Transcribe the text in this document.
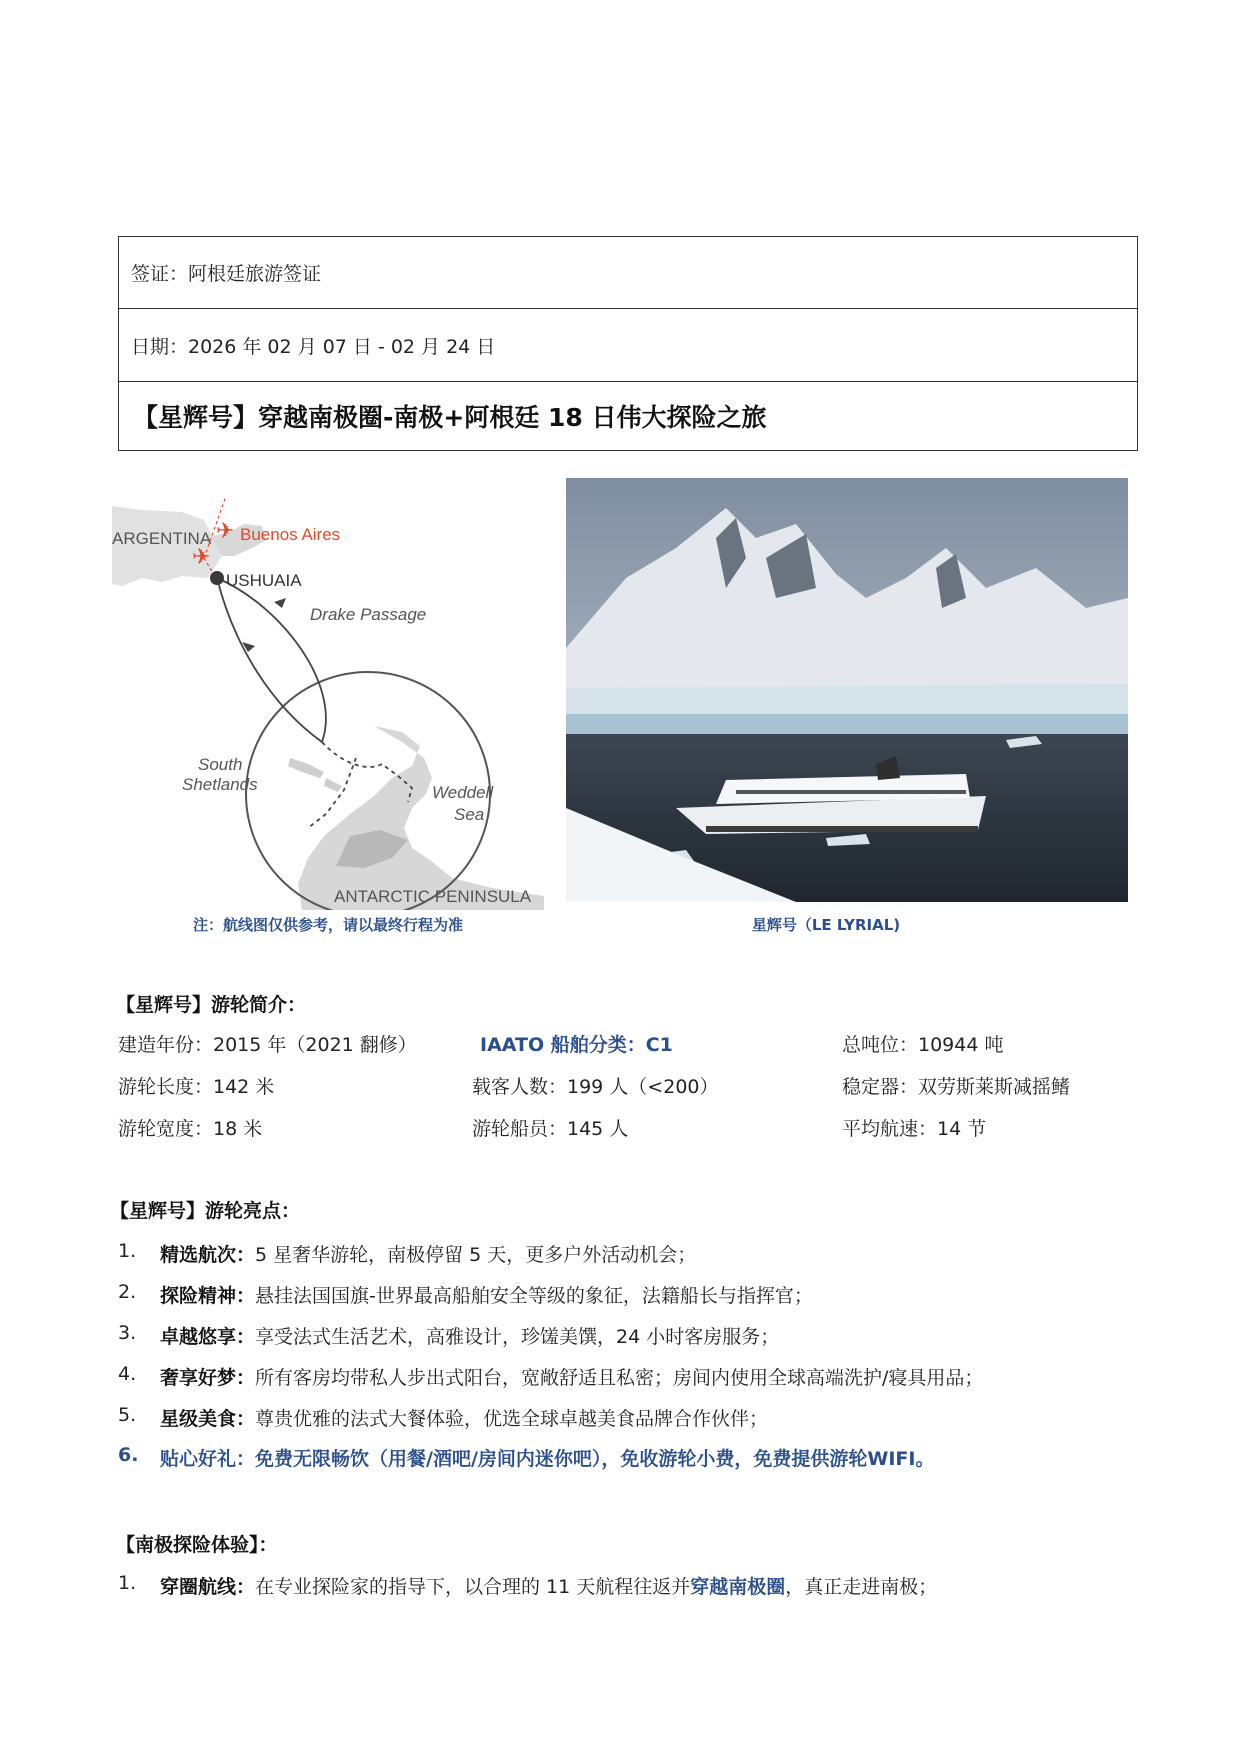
签证：阿根廷旅游签证
日期：2026 年 02 月 07 日 - 02 月 24 日
【星辉号】穿越南极圈-南极+阿根廷 18 日伟大探险之旅
✈
✈
ARGENTINA Buenos Aires
USHUAIA
Drake Passage
South
Shetlands	Weddell
Sea
ANTARCTIC PENINSULA
注：航线图仅供参考，请以最终行程为准	星辉号（LE LYRIAL)
【星辉号】游轮简介：
建造年份：2015 年（2021 翻修）	IAATO 船舶分类：C1	总吨位：10944 吨
游轮长度：142 米	载客人数：199 人（<200）	稳定器：双劳斯莱斯减摇鳍
游轮宽度：18 米	游轮船员：145 人	平均航速：14 节
【星辉号】游轮亮点：
1.	精选航次： 5 星奢华游轮，南极停留 5 天，更多户外活动机会；
2.	探险精神： 悬挂法国国旗-世界最高船舶安全等级的象征，法籍船长与指挥官；
3.	卓越悠享： 享受法式生活艺术，高雅设计，珍馐美馔，24 小时客房服务；
4.	奢享好梦： 所有客房均带私人步出式阳台，宽敞舒适且私密；房间内使用全球高端洗护/寝具用品；
5.	星级美食： 尊贵优雅的法式大餐体验，优选全球卓越美食品牌合作伙伴；
6.	贴心好礼： 免费无限畅饮（用餐/酒吧/房间内迷你吧），免收游轮小费，免费提供游轮WIFI。
【南极探险体验】：
1.	穿圈航线： 在专业探险家的指导下，以合理的 11 天航程往返并 穿越南极圈 ，真正走进南极；
